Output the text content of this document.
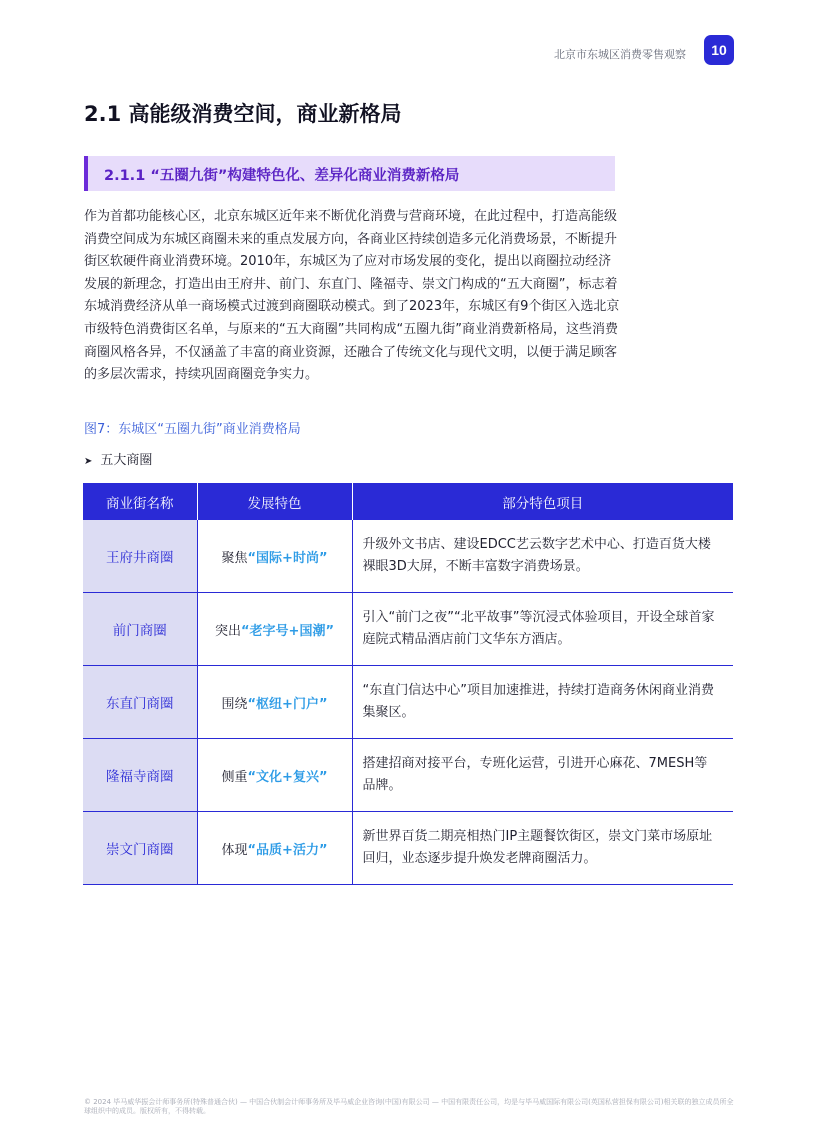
北京市东城区消费零售观察	10
2.1 高能级消费空间，商业新格局
2.1.1 “五圈九街”构建特色化、差异化商业消费新格局

作为首都功能核心区，北京东城区近年来不断优化消费与营商环境，在此过程中，打造高能级消费空间成为东城区商圈未来的重点发展方向，各商业区持续创造多元化消费场景，不断提升街区软硬件商业消费环境。2010年，东城区为了应对市场发展的变化，提出以商圈拉动经济发展的新理念，打造出由王府井、前门、东直门、隆福寺、崇文门构成的“五大商圈”，标志着东城消费经济从单一商场模式过渡到商圈联动模式。到了2023年，东城区有9个街区入选北京市级特色消费街区名单，与原来的“五大商圈”共同构成“五圈九街”商业消费新格局，这些消费商圈风格各异，不仅涵盖了丰富的商业资源，还融合了传统文化与现代文明，以便于满足顾客的多层次需求，持续巩固商圈竞争实力。

图7：东城区“五圈九街”商业消费格局
➤ 五大商圈
商业街名称	发展特色	部分特色项目
王府井商圈	聚焦“国际+时尚”	升级外文书店、建设EDCC艺云数字艺术中心、打造百货大楼裸眼3D大屏，不断丰富数字消费场景。
前门商圈	突出“老字号+国潮”	引入“前门之夜”“北平故事”等沉浸式体验项目，开设全球首家庭院式精品酒店前门文华东方酒店。
东直门商圈	围绕“枢纽+门户”	“东直门信达中心”项目加速推进，持续打造商务休闲商业消费集聚区。
隆福寺商圈	侧重“文化+复兴”	搭建招商对接平台，专班化运营，引进开心麻花、7MESH等品牌。
崇文门商圈	体现“品质+活力”	新世界百货二期亮相热门IP主题餐饮街区，崇文门菜市场原址回归，业态逐步提升焕发老牌商圈活力。
© 2024 毕马威华振会计师事务所(特殊普通合伙) — 中国合伙制会计师事务所及毕马威企业咨询(中国)有限公司 — 中国有限责任公司，均是与毕马威国际有限公司(英国私营担保有限公司)相关联的独立成员所全球组织中的成员。版权所有，不得转载。
